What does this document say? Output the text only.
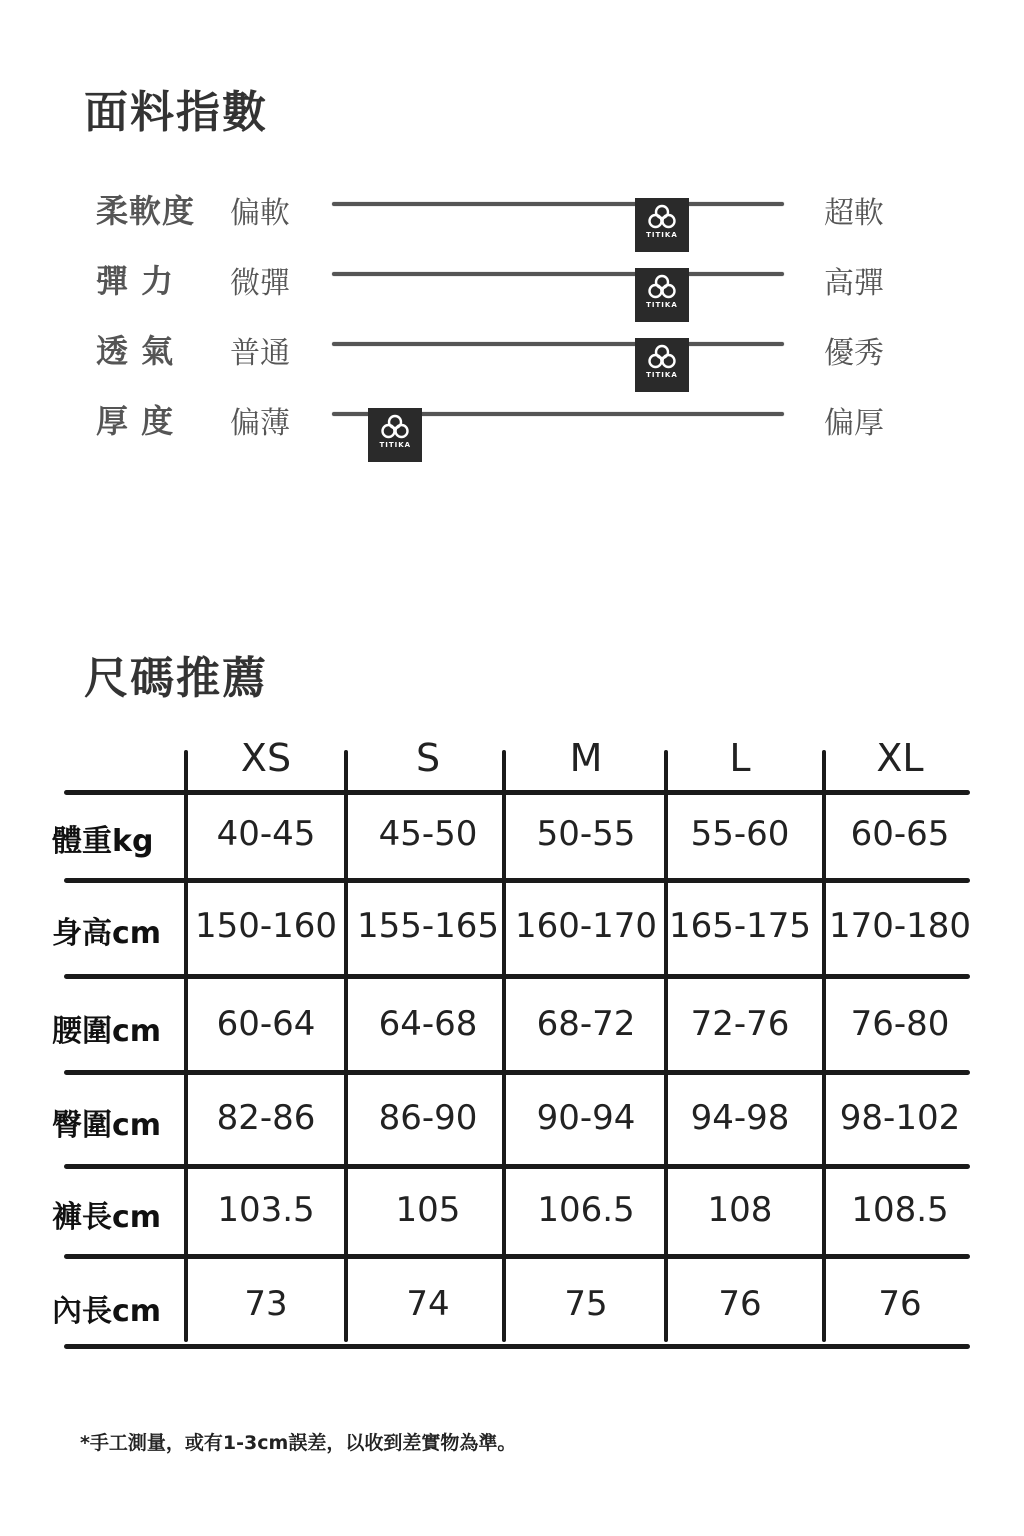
面料指數
柔軟度	偏軟
TITIKA
超軟
彈 力	微彈
TITIKA
高彈
透 氣	普通
TITIKA
優秀
厚 度	偏薄
TITIKA
偏厚
尺碼推薦
XS	S	M	L	XL
體重kg	40-45	45-50	50-55	55-60	60-65
身高cm 150-160 155-165 160-170 165-175 170-180
腰圍cm	60-64	64-68	68-72	72-76	76-80
臀圍cm	82-86	86-90	90-94	94-98	98-102
褲長cm	103.5	105	106.5	108	108.5
內長cm	73	74	75	76	76
*手工測量，或有1-3cm誤差，以收到差實物為準。
